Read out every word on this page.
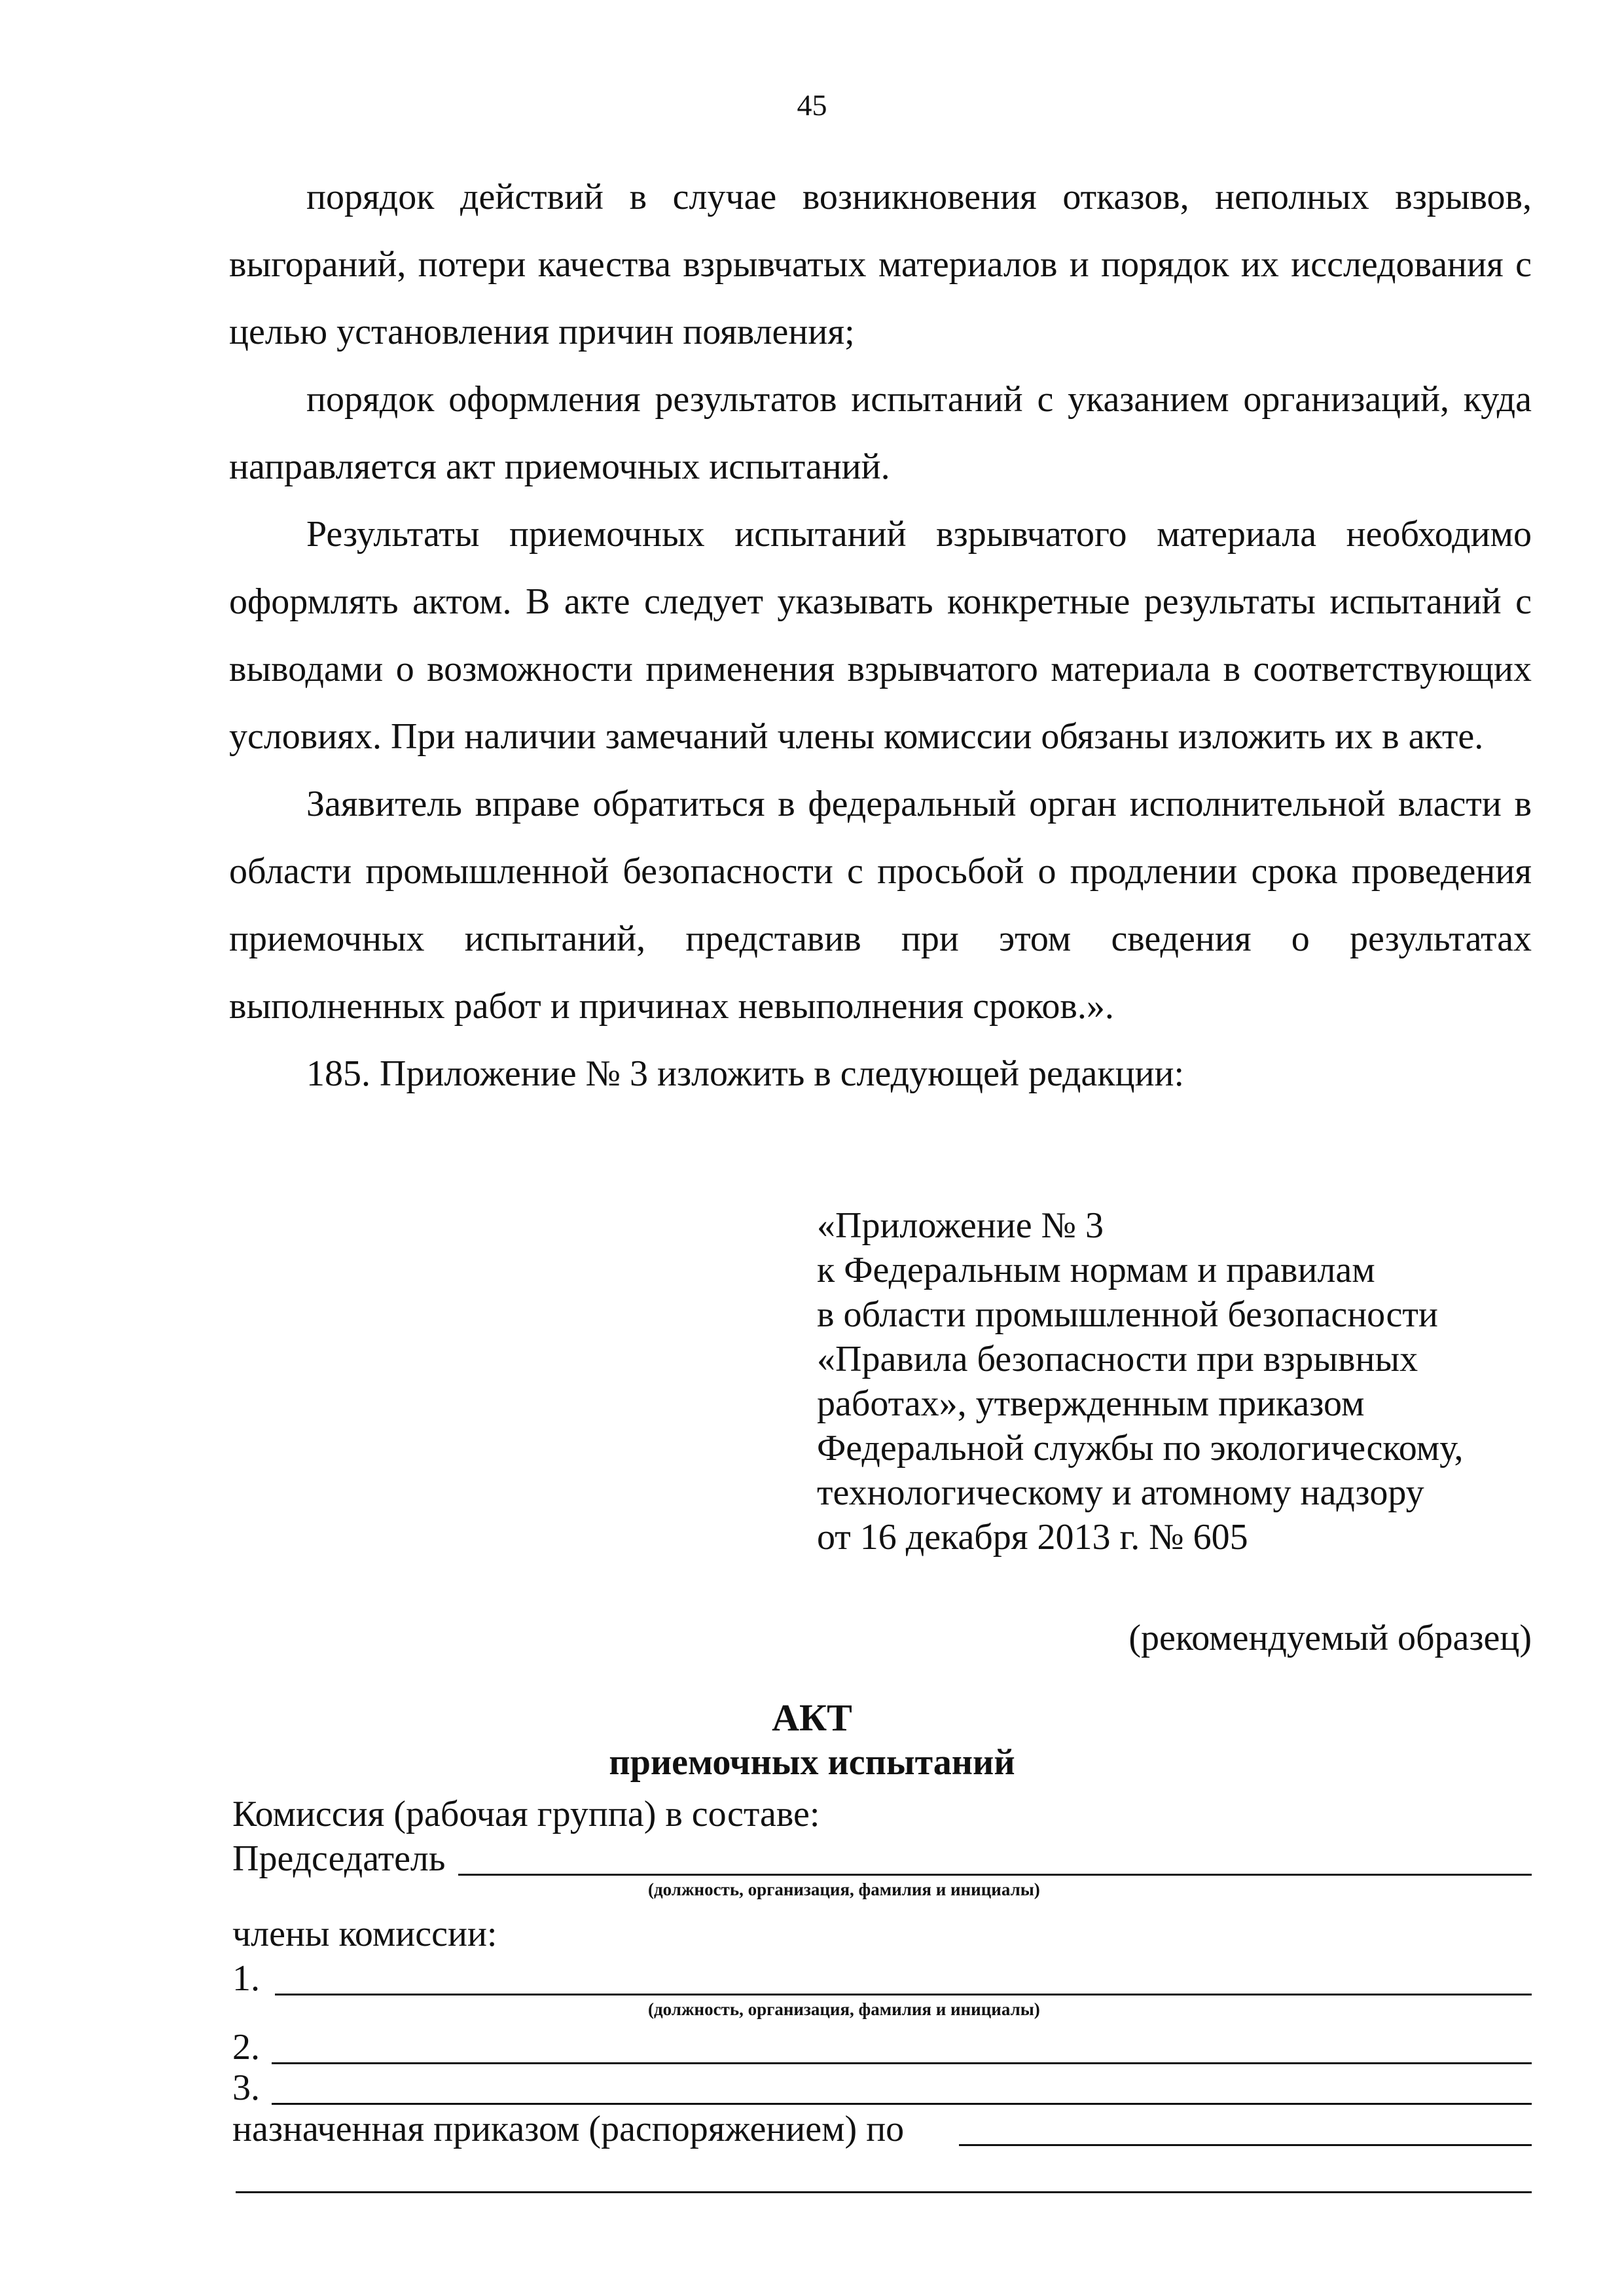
45

порядок действий в случае возникновения отказов, неполных взрывов, выгораний, потери качества взрывчатых материалов и порядок их исследования с целью установления причин появления;

порядок оформления результатов испытаний с указанием организаций, куда направляется акт приемочных испытаний.

Результаты приемочных испытаний взрывчатого материала необходимо оформлять актом. В акте следует указывать конкретные результаты испытаний с выводами о возможности применения взрывчатого материала в соответствующих условиях. При наличии замечаний члены комиссии обязаны изложить их в акте.

Заявитель вправе обратиться в федеральный орган исполнительной власти в области промышленной безопасности с просьбой о продлении срока проведения приемочных испытаний, представив при этом сведения о результатах выполненных работ и причинах невыполнения сроков.».

185. Приложение № 3 изложить в следующей редакции:

«Приложение № 3
к Федеральным нормам и правилам
в области промышленной безопасности
«Правила безопасности при взрывных
работах», утвержденным приказом
Федеральной службы по экологическому,
технологическому и атомному надзору
от 16 декабря 2013 г. № 605
(рекомендуемый образец)
АКТ
приемочных испытаний
Комиссия (рабочая группа) в составе:
Председатель
(должность, организация, фамилия и инициалы)
члены комиссии:
1.
(должность, организация, фамилия и инициалы)
2.
3.
назначенная приказом (распоряжением) по
